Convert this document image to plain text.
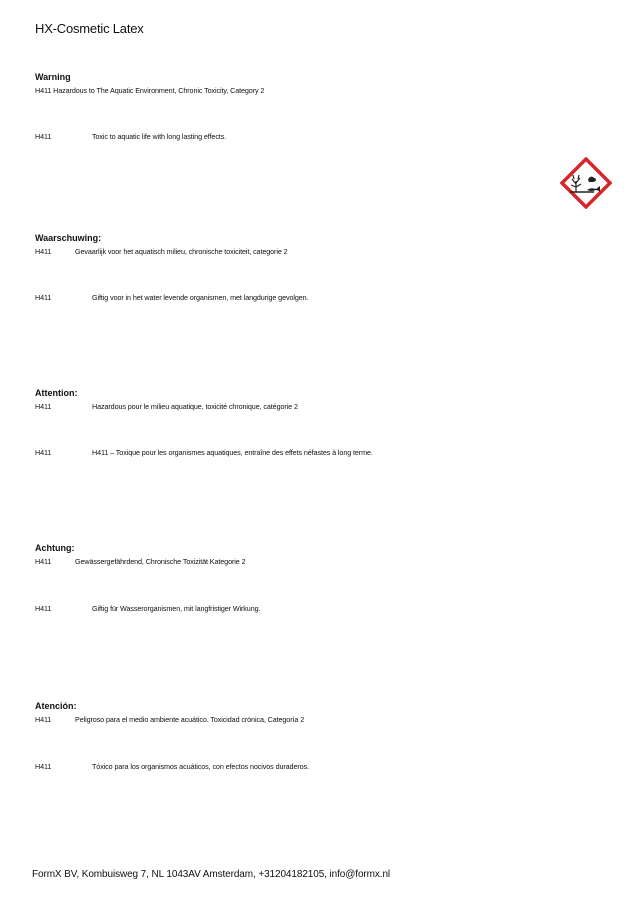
HX-Cosmetic Latex
Warning
H411 Hazardous to The Aquatic Environment, Chronic Toxicity, Category 2
H411	Toxic to aquatic life with long lasting effects.
Waarschuwing:
H411	Gevaarlijk voor het aquatisch milieu, chronische toxiciteit, categorie 2
H411	Giftig voor in het water levende organismen, met langdurige gevolgen.
Attention:
H411	Hazardous pour le milieu aquatique, toxicité chronique, catégorie 2
H411	H411 – Toxique pour les organismes aquatiques, entraîne des effets néfastes à long terme.
Achtung:
H411	Gewässergefährdend, Chronische Toxizität Kategorie 2
H411	Giftig für Wasserorganismen, mit langfristiger Wirkung.
Atención:
H411	Peligroso para el medio ambiente acuático. Toxicidad crónica, Categoría 2
H411	Tóxico para los organismos acuáticos, con efectos nocivos duraderos.
FormX BV, Kombuisweg 7, NL 1043AV Amsterdam, +31204182105, info@formx.nl
